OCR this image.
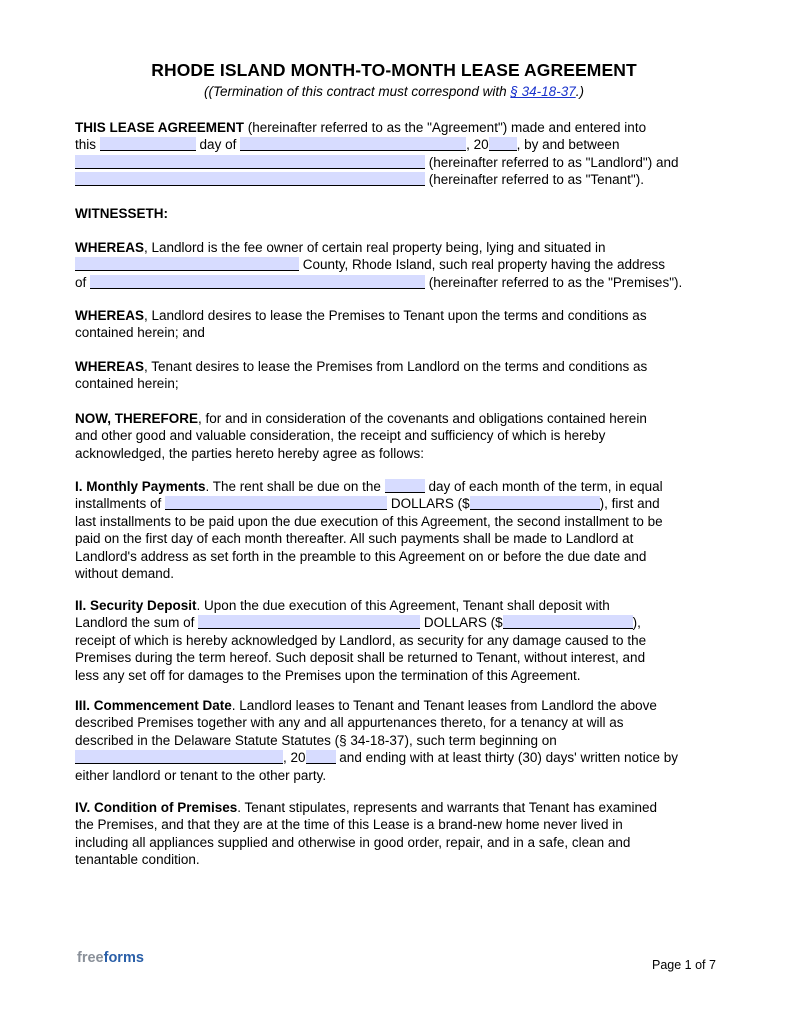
RHODE ISLAND MONTH-TO-MONTH LEASE AGREEMENT
((Termination of this contract must correspond with § 34-18-37.)
THIS LEASE AGREEMENT (hereinafter referred to as the "Agreement") made and entered into
this	day of	, 20 , by and between
(hereinafter referred to as "Landlord") and
(hereinafter referred to as "Tenant").
WITNESSETH:
WHEREAS, Landlord is the fee owner of certain real property being, lying and situated in
County, Rhode Island, such real property having the address
of	(hereinafter referred to as the "Premises").
WHEREAS, Landlord desires to lease the Premises to Tenant upon the terms and conditions as
contained herein; and
WHEREAS, Tenant desires to lease the Premises from Landlord on the terms and conditions as
contained herein;
NOW, THEREFORE, for and in consideration of the covenants and obligations contained herein
and other good and valuable consideration, the receipt and sufficiency of which is hereby
acknowledged, the parties hereto hereby agree as follows:
I. Monthly Payments. The rent shall be due on the	day of each month of the term, in equal
installments of	DOLLARS ($	), first and
last installments to be paid upon the due execution of this Agreement, the second installment to be
paid on the first day of each month thereafter. All such payments shall be made to Landlord at
Landlord's address as set forth in the preamble to this Agreement on or before the due date and
without demand.
II. Security Deposit. Upon the due execution of this Agreement, Tenant shall deposit with
Landlord the sum of	DOLLARS ($	),
receipt of which is hereby acknowledged by Landlord, as security for any damage caused to the
Premises during the term hereof. Such deposit shall be returned to Tenant, without interest, and
less any set off for damages to the Premises upon the termination of this Agreement.
III. Commencement Date. Landlord leases to Tenant and Tenant leases from Landlord the above
described Premises together with any and all appurtenances thereto, for a tenancy at will as
described in the Delaware Statute Statutes (§ 34-18-37), such term beginning on
, 20	and ending with at least thirty (30) days' written notice by
either landlord or tenant to the other party.
IV. Condition of Premises. Tenant stipulates, represents and warrants that Tenant has examined
the Premises, and that they are at the time of this Lease is a brand-new home never lived in
including all appliances supplied and otherwise in good order, repair, and in a safe, clean and
tenantable condition.
freeforms	Page 1 of 7
